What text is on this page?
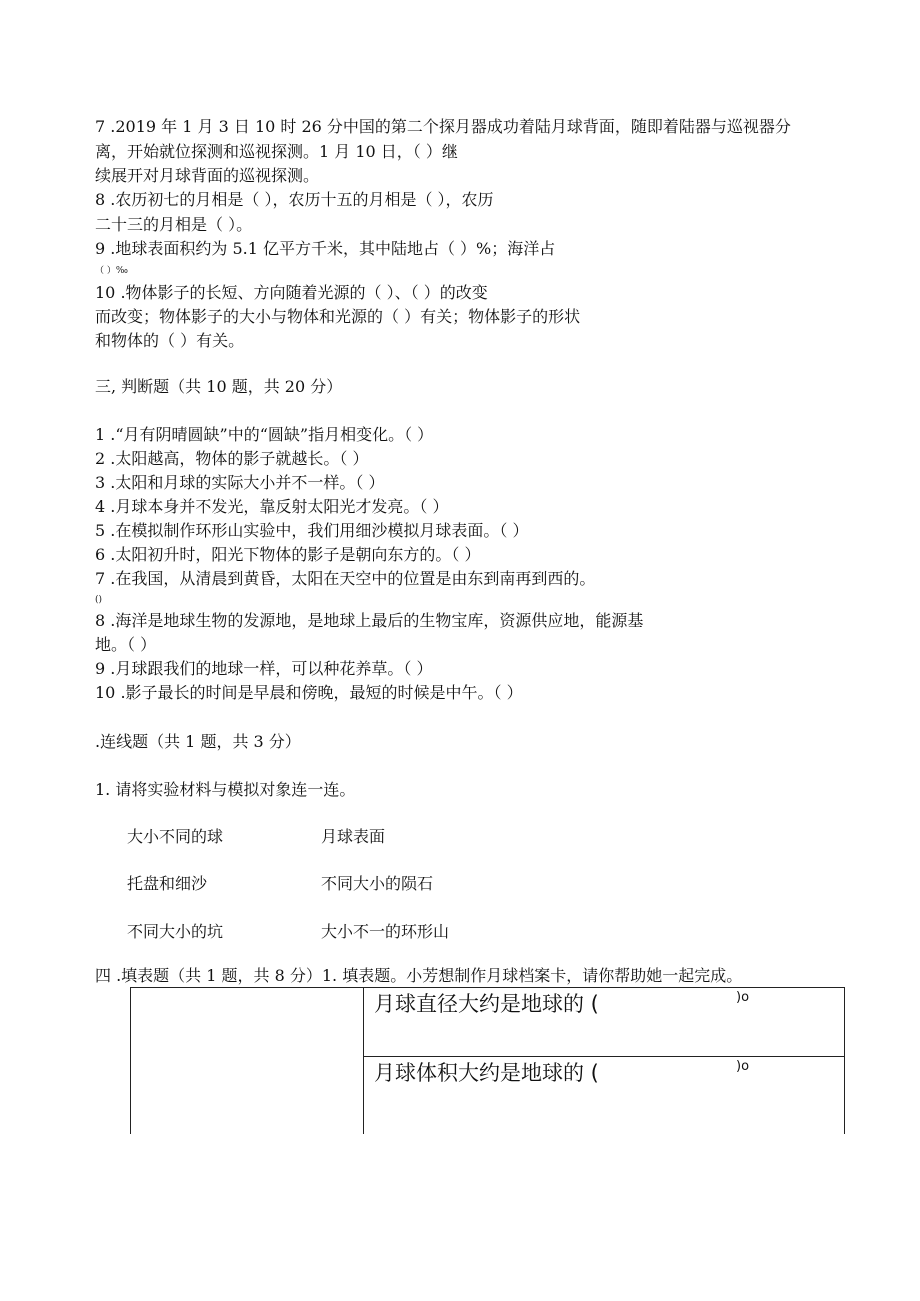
7 .2019 年 1 月 3 日 10 时 26 分中国的第二个探月器成功着陆月球背面，随即着陆器与巡视器分
离，开始就位探测和巡视探测。1 月 10 日，（ ）继
续展开对月球背面的巡视探测。
8 .农历初七的月相是（ ），农历十五的月相是（ ），农历
二十三的月相是（ ）。
9 .地球表面积约为 5.1 亿平方千米，其中陆地占（ ）%；海洋占
（ ）‰
10 .物体影子的长短、方向随着光源的（ ）、（ ）的改变
而改变；物体影子的大小与物体和光源的（ ）有关；物体影子的形状
和物体的（ ）有关。
三, 判断题（共 10 题，共 20 分）
1 .“月有阴晴圆缺”中的“圆缺”指月相变化。（ ）
2 .太阳越高，物体的影子就越长。（ ）
3 .太阳和月球的实际大小并不一样。（ ）
4 .月球本身并不发光，靠反射太阳光才发亮。（ ）
5 .在模拟制作环形山实验中，我们用细沙模拟月球表面。（ ）
6 .太阳初升时，阳光下物体的影子是朝向东方的。（ ）
7 .在我国，从清晨到黄昏，太阳在天空中的位置是由东到南再到西的。
()
8 .海洋是地球生物的发源地，是地球上最后的生物宝库，资源供应地，能源基
地。（ ）
9 .月球跟我们的地球一样，可以种花养草。（ ）
10 .影子最长的时间是早晨和傍晚，最短的时候是中午。（ ）
.连线题（共 1 题，共 3 分）
1. 请将实验材料与模拟对象连一连。
大小不同的球	月球表面
托盘和细沙	不同大小的陨石
不同大小的坑	大小不一的环形山
四 .填表题（共 1 题，共 8 分）1. 填表题。小芳想制作月球档案卡，请你帮助她一起完成。

月球直径大约是地球的 (	)o

月球体积大约是地球的 (	)o
